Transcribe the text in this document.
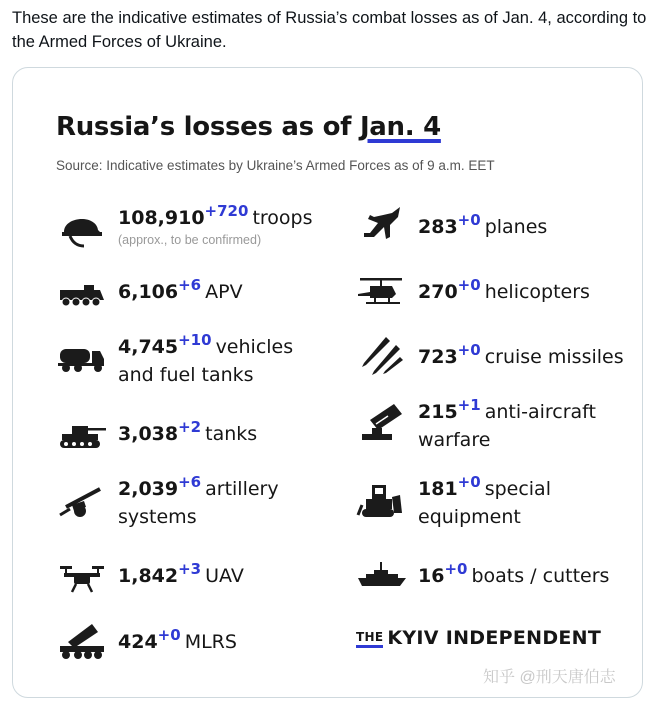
These are the indicative estimates of Russia’s combat losses as of Jan. 4, according to the Armed Forces of Ukraine.
Russia’s losses as of Jan. 4
Source: Indicative estimates by Ukraine’s Armed Forces as of 9 a.m. EET
$108,910^{+720}$ troops
(approx., to be confirmed)
$6,106^{+6}$ APV
$4,745^{+10}$ vehicles
and fuel tanks
$3,038^{+2}$ tanks
$2,039^{+6}$ artillery
systems
$1,842^{+3}$ UAV
$424^{+0}$ MLRS
$283^{+0}$ planes
$270^{+0}$ helicopters
$723^{+0}$ cruise missiles
$215^{+1}$ anti-aircraft
warfare
$181^{+0}$ special
equipment
$16^{+0}$ boats / cutters
THE KYIV INDEPENDENT
知乎 @刑天唐伯志
